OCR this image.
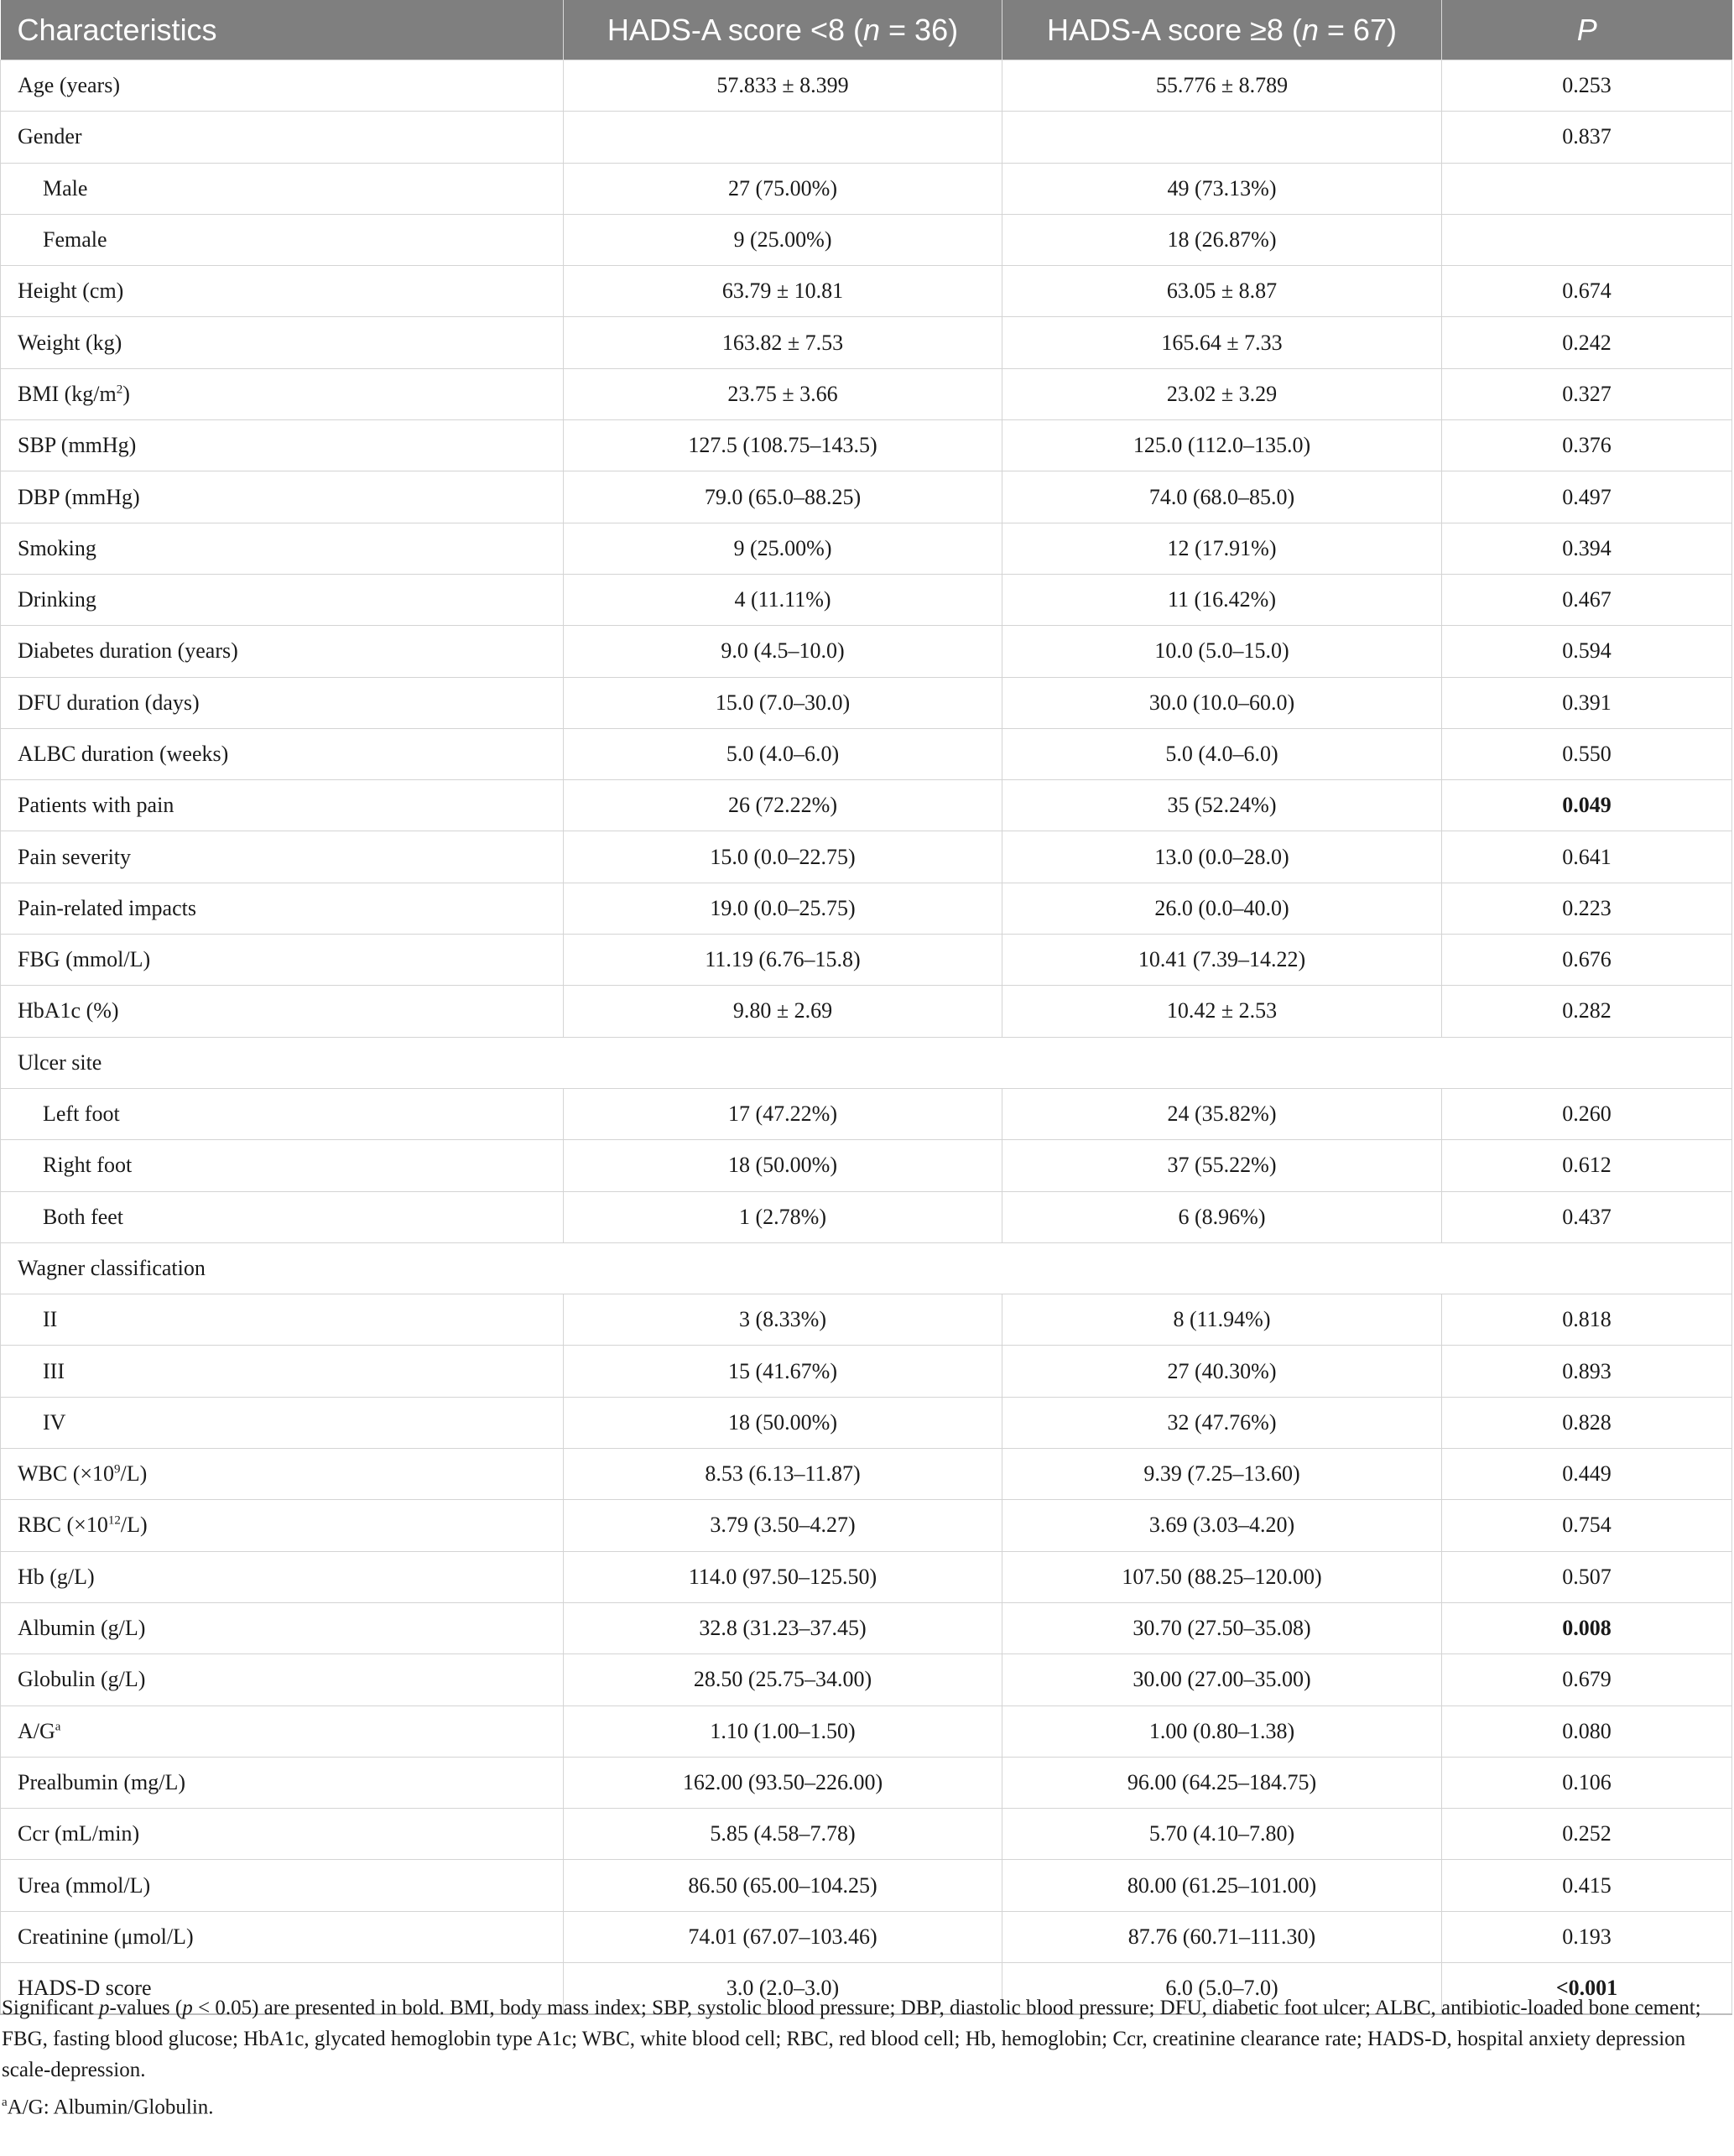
Characteristics	HADS-A score <8 (n = 36)	HADS-A score ≥8 (n = 67)	P
Age (years)	57.833 ± 8.399	55.776 ± 8.789	0.253
Gender			0.837
Male	27 (75.00%)	49 (73.13%)	
Female	9 (25.00%)	18 (26.87%)	
Height (cm)	63.79 ± 10.81	63.05 ± 8.87	0.674
Weight (kg)	163.82 ± 7.53	165.64 ± 7.33	0.242
BMI $(kg/m^2)$	23.75 ± 3.66	23.02 ± 3.29	0.327
SBP (mmHg)	127.5 (108.75–143.5)	125.0 (112.0–135.0)	0.376
DBP (mmHg)	79.0 (65.0–88.25)	74.0 (68.0–85.0)	0.497
Smoking	9 (25.00%)	12 (17.91%)	0.394
Drinking	4 (11.11%)	11 (16.42%)	0.467
Diabetes duration (years)	9.0 (4.5–10.0)	10.0 (5.0–15.0)	0.594
DFU duration (days)	15.0 (7.0–30.0)	30.0 (10.0–60.0)	0.391
ALBC duration (weeks)	5.0 (4.0–6.0)	5.0 (4.0–6.0)	0.550
Patients with pain	26 (72.22%)	35 (52.24%)	0.049
Pain severity	15.0 (0.0–22.75)	13.0 (0.0–28.0)	0.641
Pain-related impacts	19.0 (0.0–25.75)	26.0 (0.0–40.0)	0.223
FBG (mmol/L)	11.19 (6.76–15.8)	10.41 (7.39–14.22)	0.676
HbA1c (%)	9.80 ± 2.69	10.42 ± 2.53	0.282
Ulcer site			
Left foot	17 (47.22%)	24 (35.82%)	0.260
Right foot	18 (50.00%)	37 (55.22%)	0.612
Both feet	1 (2.78%)	6 (8.96%)	0.437
Wagner classification			
II	3 (8.33%)	8 (11.94%)	0.818
III	15 (41.67%)	27 (40.30%)	0.893
IV	18 (50.00%)	32 (47.76%)	0.828
WBC $(\times 10^9/L)$	8.53 (6.13–11.87)	9.39 (7.25–13.60)	0.449
RBC $(\times 10^{12}/L)$	3.79 (3.50–4.27)	3.69 (3.03–4.20)	0.754
Hb (g/L)	114.0 (97.50–125.50)	107.50 (88.25–120.00)	0.507
Albumin (g/L)	32.8 (31.23–37.45)	30.70 (27.50–35.08)	0.008
Globulin (g/L)	28.50 (25.75–34.00)	30.00 (27.00–35.00)	0.679
$A/G^a$	1.10 (1.00–1.50)	1.00 (0.80–1.38)	0.080
Prealbumin (mg/L)	162.00 (93.50–226.00)	96.00 (64.25–184.75)	0.106
Ccr (mL/min)	5.85 (4.58–7.78)	5.70 (4.10–7.80)	0.252
Urea (mmol/L)	86.50 (65.00–104.25)	80.00 (61.25–101.00)	0.415
Creatinine (μmol/L)	74.01 (67.07–103.46)	87.76 (60.71–111.30)	0.193
HADS-D score	3.0 (2.0–3.0)	6.0 (5.0–7.0)	<0.001

Significant p-values (p < 0.05) are presented in bold. BMI, body mass index; SBP, systolic blood pressure; DBP, diastolic blood pressure; DFU, diabetic foot ulcer; ALBC, antibiotic-loaded bone cement; FBG, fasting blood glucose; HbA1c, glycated hemoglobin type A1c; WBC, white blood cell; RBC, red blood cell; Hb, hemoglobin; Ccr, creatinine clearance rate; HADS-D, hospital anxiety depression scale-depression.

$^a$A/G: Albumin/Globulin.
